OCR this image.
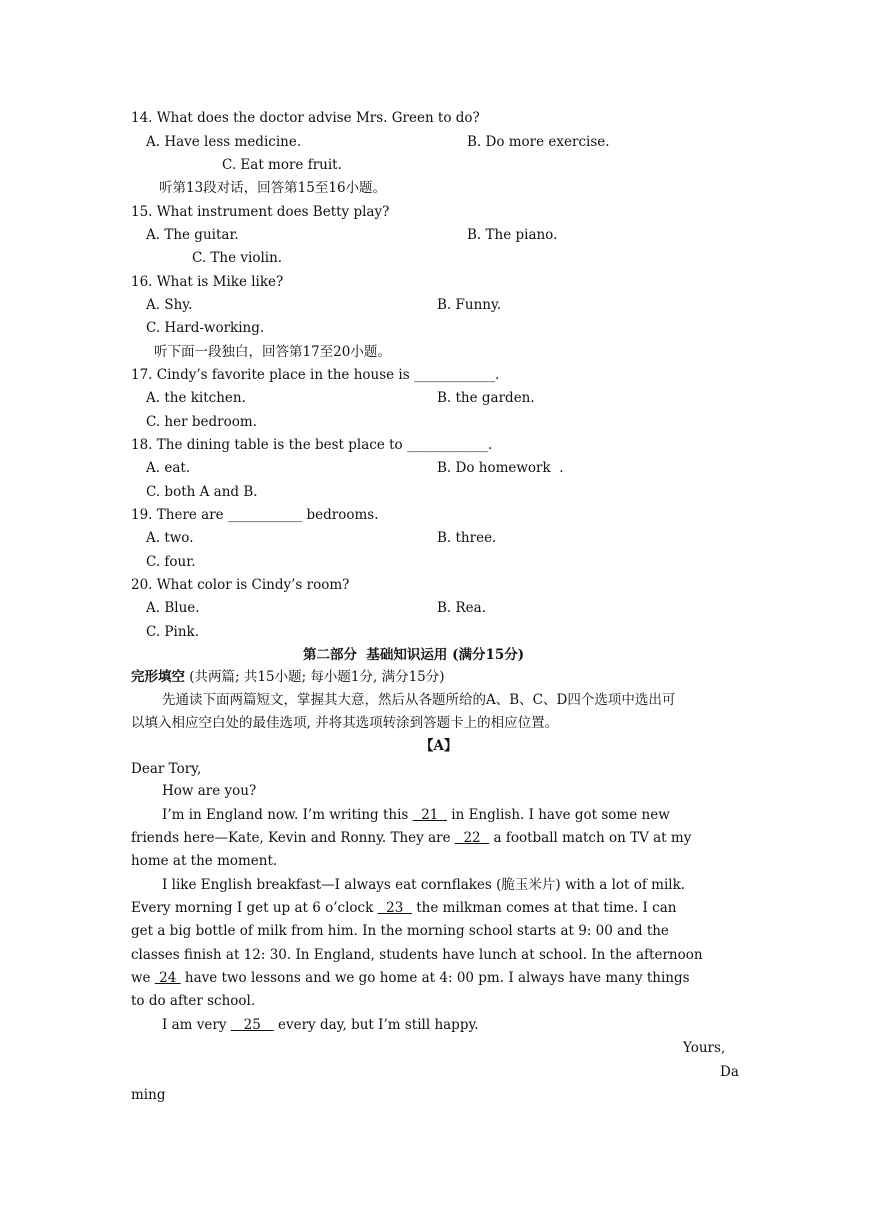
14. What does the doctor advise Mrs. Green to do?
A. Have less medicine.	B. Do more exercise.
C. Eat more fruit.
听第13段对话，回答第15至16小题。
15. What instrument does Betty play?
A. The guitar.	B. The piano.
C. The violin.
16. What is Mike like?
A. Shy.	B. Funny.
C. Hard-working.
听下面一段独白，回答第17至20小题。
17. Cindy’s favorite place in the house is ____________.
A. the kitchen.	B. the garden.
C. her bedroom.
18. The dining table is the best place to ____________.
A. eat.	B. Do homework  .
C. both A and B.
19. There are ___________ bedrooms.
A. two.	B. three.
C. four.
20. What color is Cindy’s room?
A. Blue.	B. Rea.
C. Pink.
第二部分  基础知识运用 (满分15分)
完形填空 (共两篇; 共15小题; 每小题1分, 满分15分)
先通读下面两篇短文，掌握其大意，然后从各题所给的A、B、C、D四个选项中选出可
以填入相应空白处的最佳选项, 并将其选项转涂到答题卡上的相应位置。
【A】
Dear Tory,
How are you?
I’m in England now. I’m writing this   21   in English. I have got some new
friends here—Kate, Kevin and Ronny. They are   22   a football match on TV at my
home at the moment.
I like English breakfast—I always eat cornflakes (脆玉米片) with a lot of milk.
Every morning I get up at 6 o’clock   23   the milkman comes at that time. I can
get a big bottle of milk from him. In the morning school starts at 9: 00 and the
classes finish at 12: 30. In England, students have lunch at school. In the afternoon
we  24  have two lessons and we go home at 4: 00 pm. I always have many things
to do after school.
I am very    25    every day, but I’m still happy.
Yours,
Da
ming
